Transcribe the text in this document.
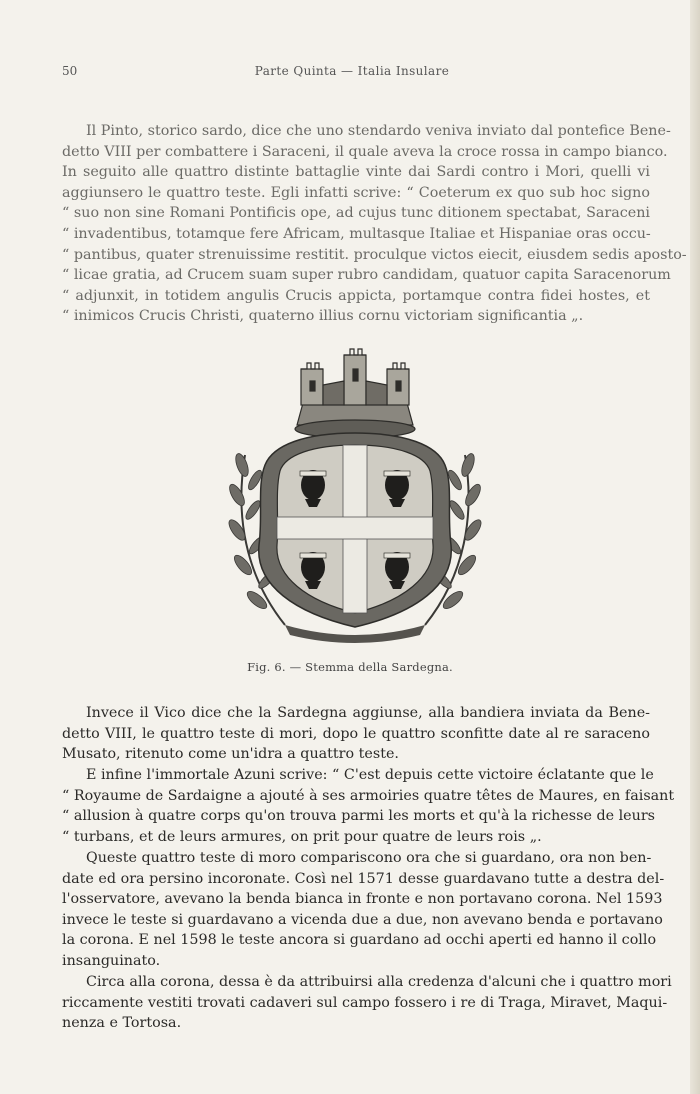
50	Parte Quinta — Italia Insulare
Il Pinto, storico sardo, dice che uno stendardo veniva inviato dal pontefice Bene-
detto VIII per combattere i Saraceni, il quale aveva la croce rossa in campo bianco.
In seguito alle quattro distinte battaglie vinte dai Sardi contro i Mori, quelli vi
aggiunsero le quattro teste. Egli infatti scrive: “ Coeterum ex quo sub hoc signo
“ suo non sine Romani Pontificis ope, ad cujus tunc ditionem spectabat, Saraceni
“ invadentibus, totamque fere Africam, multasque Italiae et Hispaniae oras occu-
“ pantibus, quater strenuissime restitit. proculque victos eiecit, eiusdem sedis aposto-
“ licae gratia, ad Crucem suam super rubro candidam, quatuor capita Saracenorum
“ adjunxit, in totidem angulis Crucis appicta, portamque contra fidei hostes, et
“ inimicos Crucis Christi, quaterno illius cornu victoriam significantia „.
Fig. 6. — Stemma della Sardegna.
Invece il Vico dice che la Sardegna aggiunse, alla bandiera inviata da Bene-
detto VIII, le quattro teste di mori, dopo le quattro sconfitte date al re saraceno
Musato, ritenuto come un'idra a quattro teste.
E infine l'immortale Azuni scrive: “ C'est depuis cette victoire éclatante que le
“ Royaume de Sardaigne a ajouté à ses armoiries quatre têtes de Maures, en faisant
“ allusion à quatre corps qu'on trouva parmi les morts et qu'à la richesse de leurs
“ turbans, et de leurs armures, on prit pour quatre de leurs rois „.
Queste quattro teste di moro compariscono ora che si guardano, ora non ben-
date ed ora persino incoronate. Così nel 1571 desse guardavano tutte a destra del-
l'osservatore, avevano la benda bianca in fronte e non portavano corona. Nel 1593
invece le teste si guardavano a vicenda due a due, non avevano benda e portavano
la corona. E nel 1598 le teste ancora si guardano ad occhi aperti ed hanno il collo
insanguinato.
Circa alla corona, dessa è da attribuirsi alla credenza d'alcuni che i quattro mori
riccamente vestiti trovati cadaveri sul campo fossero i re di Traga, Miravet, Maqui-
nenza e Tortosa.
